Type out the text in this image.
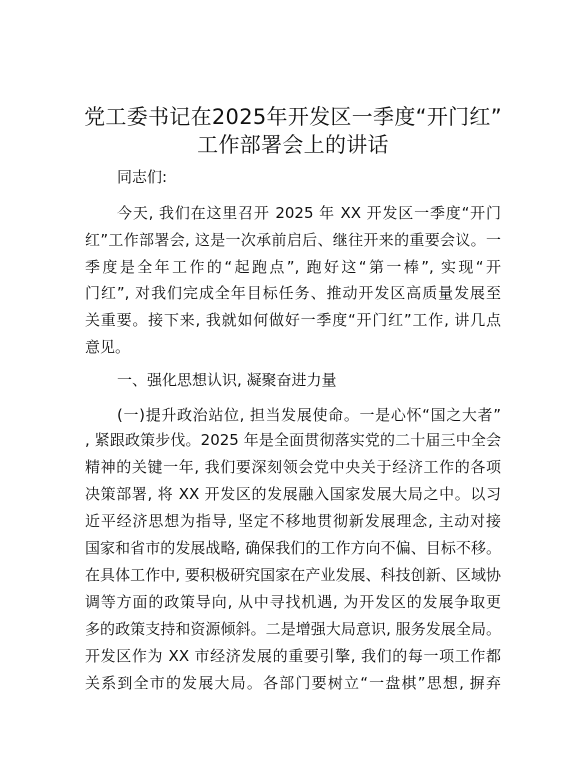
党工委书记在2025年开发区一季度“开门红”
工作部署会上的讲话
同志们:
今天, 我们在这里召开 2025 年 XX 开发区一季度“开门
红”工作部署会, 这是一次承前启后、继往开来的重要会议。一
季度是全年工作的“起跑点”, 跑好这“第一棒”, 实现“开
门红”, 对我们完成全年目标任务、推动开发区高质量发展至
关重要。接下来, 我就如何做好一季度“开门红”工作, 讲几点
意见。
一、强化思想认识, 凝聚奋进力量
(一)提升政治站位, 担当发展使命。一是心怀“国之大者”
, 紧跟政策步伐。2025 年是全面贯彻落实党的二十届三中全会
精神的关键一年, 我们要深刻领会党中央关于经济工作的各项
决策部署, 将 XX 开发区的发展融入国家发展大局之中。以习
近平经济思想为指导, 坚定不移地贯彻新发展理念, 主动对接
国家和省市的发展战略, 确保我们的工作方向不偏、目标不移。
在具体工作中, 要积极研究国家在产业发展、科技创新、区域协
调等方面的政策导向, 从中寻找机遇, 为开发区的发展争取更
多的政策支持和资源倾斜。二是增强大局意识, 服务发展全局。
开发区作为 XX 市经济发展的重要引擎, 我们的每一项工作都
关系到全市的发展大局。各部门要树立“一盘棋”思想, 摒弃
